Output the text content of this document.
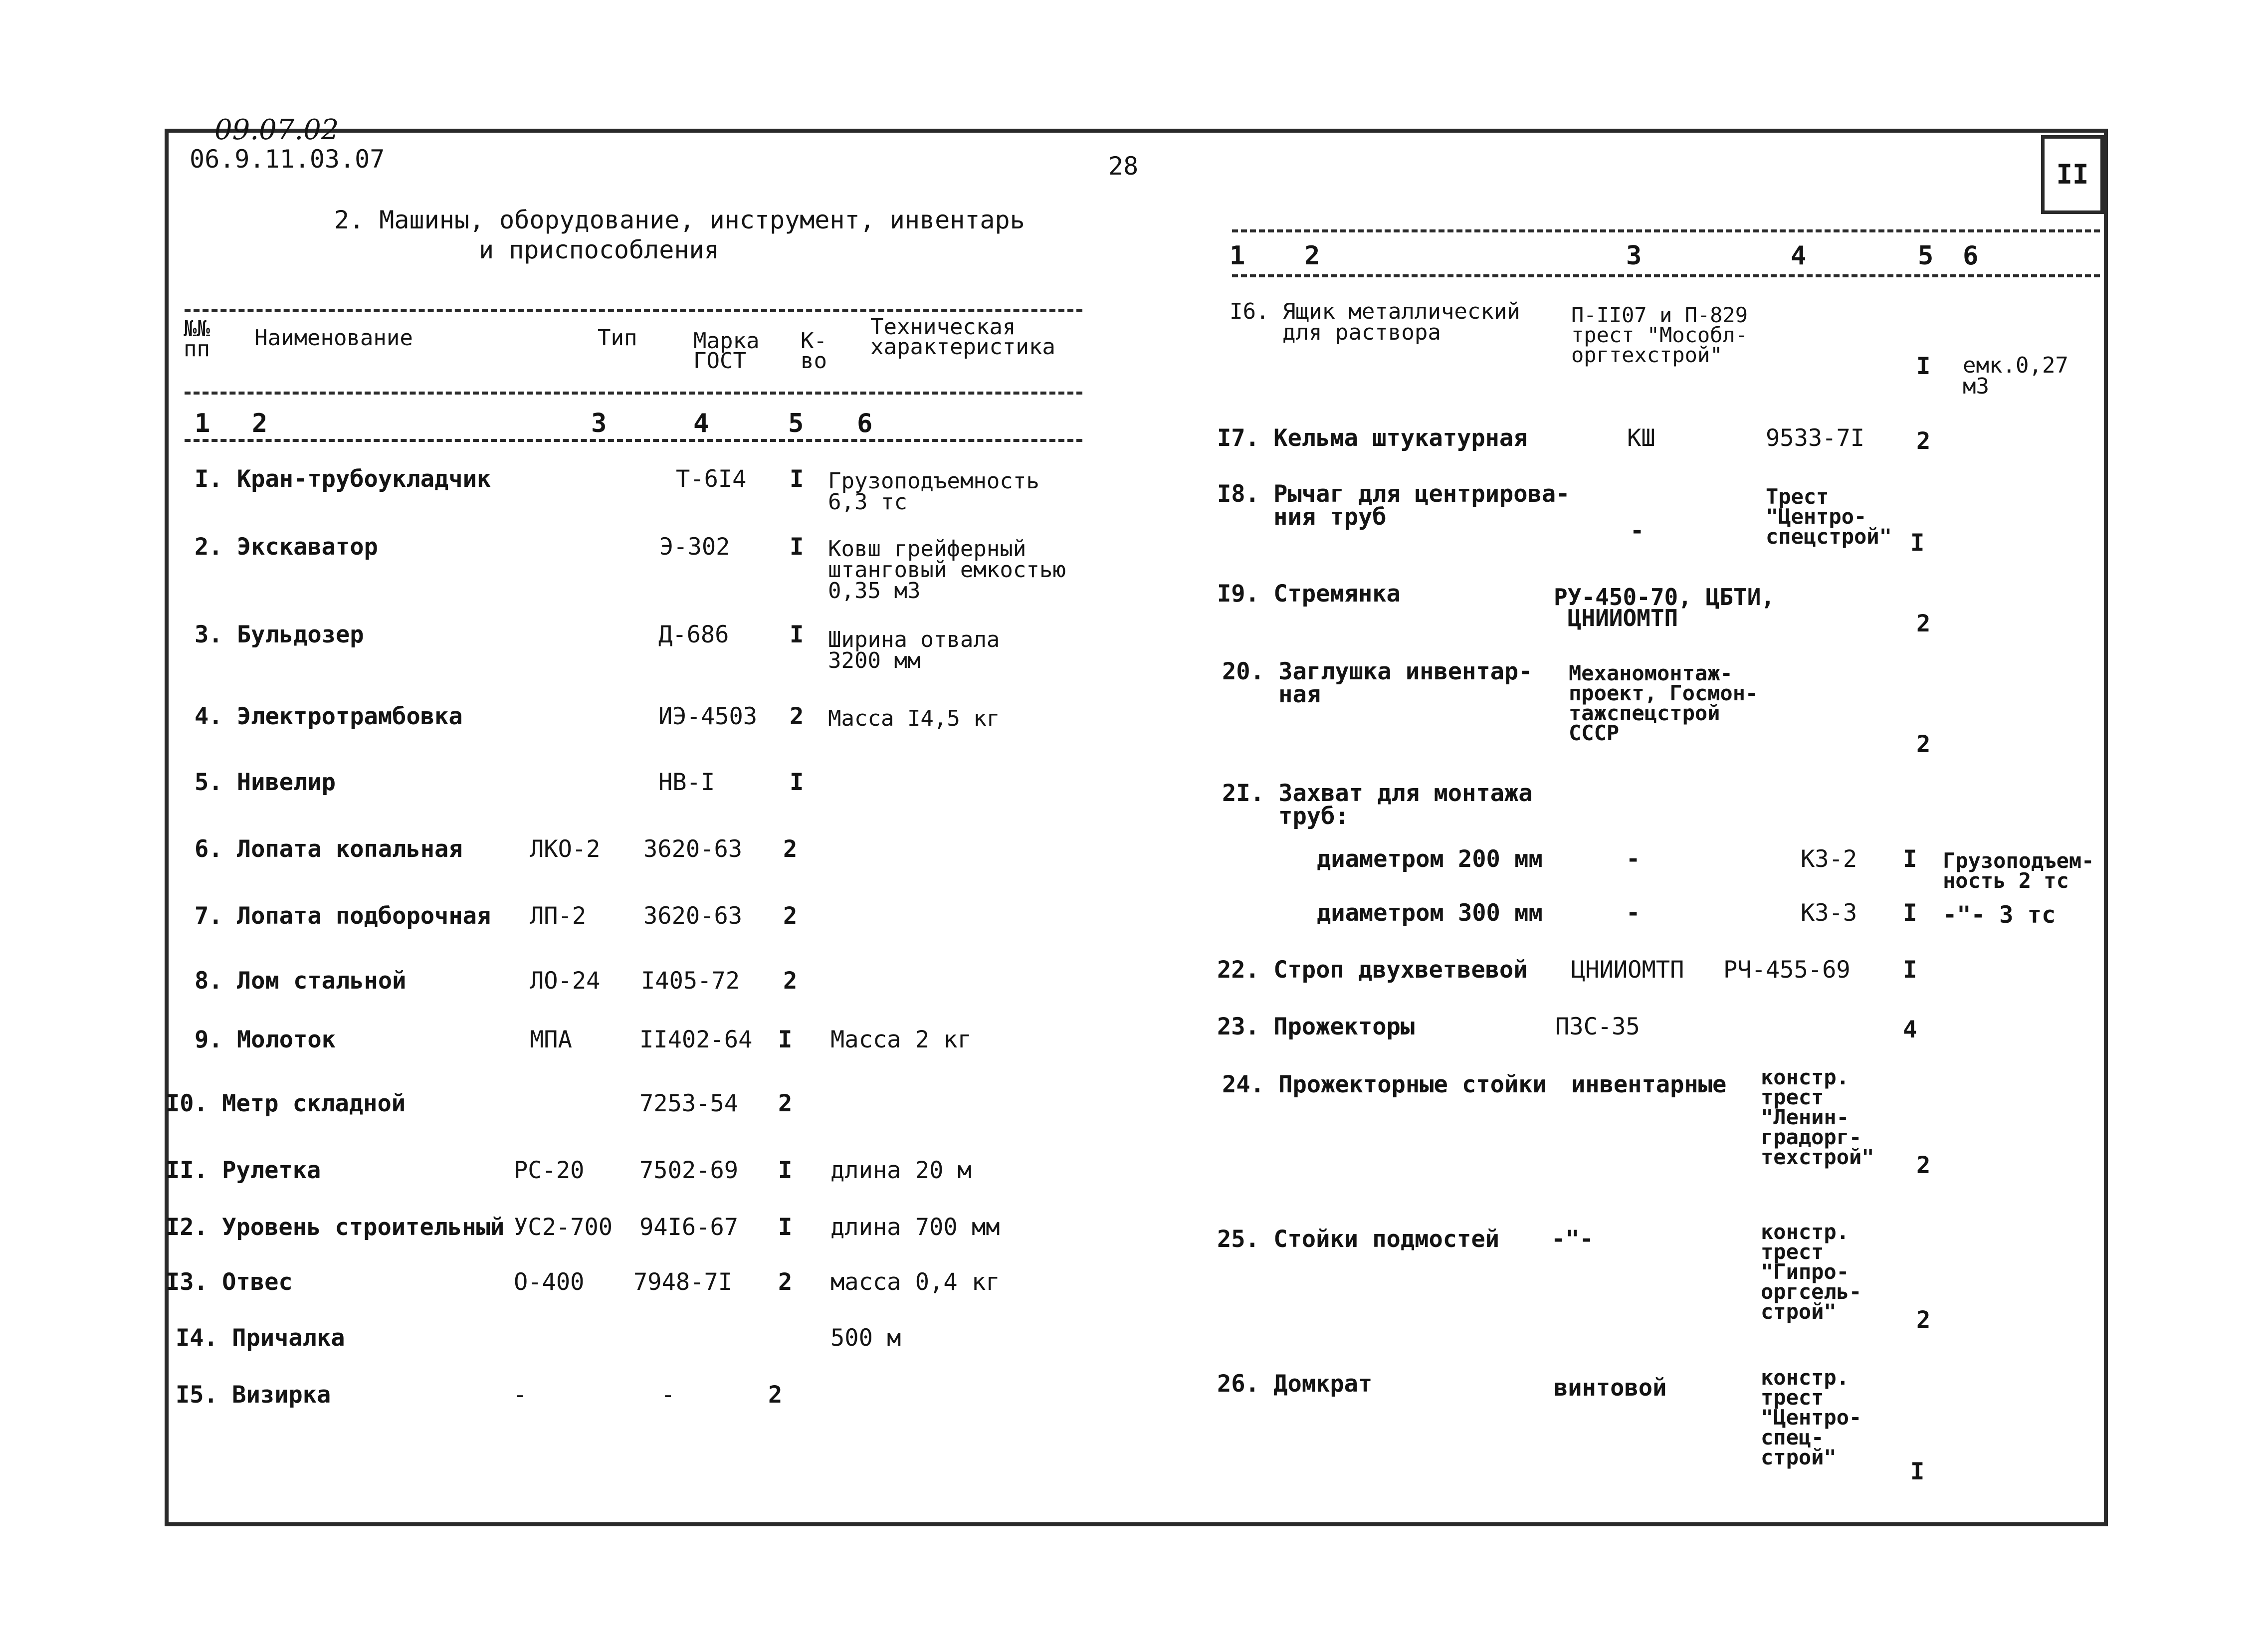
II
09.07.02
06.9.11.03.07	28
2. Машины, оборудование, инструмент, инвентарь
и приспособления
№№
пп Наименование	Тип	Марка
ГОСТ
К-
во
Техническая
характеристика
1 2	3	4	5 6
1 2	3	4	5 6
I. Кран-трубоукладчик	Т-6I4 I Грузоподъемность
6,3 тс
2. Экскаватор	Э-302	I Ковш грейферный
штанговый емкостью
0,35 м3
3. Бульдозер	Д-686	I Ширина отвала
3200 мм
4. Электротрамбовка	ИЭ-4503 2 Масса I4,5 кг
5. Нивелир	НВ-I	I
6. Лопата копальная	ЛКО-2 3620-63 2
7. Лопата подборочная ЛП-2 3620-63 2
8. Лом стальной	ЛО-24 I405-72 2
9. Молоток	МПА	II402-64 I Масса 2 кг
I0. Метр складной	7253-54 2
II. Рулетка	РС-20 7502-69 I длина 20 м
I2. Уровень строительный УС2-700 94I6-67 I длина 700 мм
I3. Отвес	О-400 7948-7I 2 масса 0,4 кг
I4. Причалка	500 м
I5. Визирка	-	-	2
I6. Ящик металлический
для раствора
П-II07 и П-829
трест "Мособл-
оргтехстрой"	I емк.0,27
м3
I7. Кельма штукатурная	КШ	9533-7I 2
I8. Рычаг для центрирова-
ния труб
-
Трест
"Центро-
спецстрой" I
I9. Стремянка	РУ-450-70, ЦБТИ,
ЦНИИОМТП	2
20. Заглушка инвентар-
ная
Механомонтаж-
проект, Госмон-
тажспецстрой
СССР	2
2I. Захват для монтажа
труб:
диаметром 200 мм	-	КЗ-2 I Грузоподъем-
ность 2 тс
диаметром 300 мм	-	КЗ-3 I -"- 3 тс
22. Строп двухветвевой ЦНИИОМТП РЧ-455-69 I
23. Прожекторы	ПЗС-35	4
24. Прожекторные стойки инвентарные констр.
трест
"Ленин-
градорг-
техстрой" 2
25. Стойки подмостей -"-	констр.
трест
"Гипро-
оргсель-
строй"	2
26. Домкрат	винтовой	констр.
трест
"Центро-
спец-
строй"
I
